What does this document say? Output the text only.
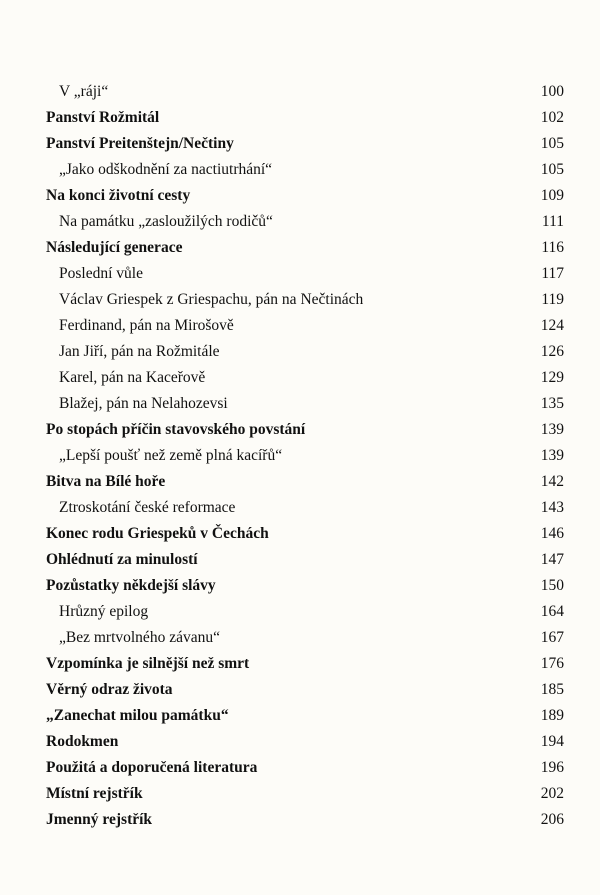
V „ráji“	100
Panství Rožmitál	102
Panství Preitenštejn/Nečtiny	105
„Jako odškodnění za nactiutrhání“	105
Na konci životní cesty	109
Na památku „zasloužilých rodičů“	111
Následující generace	116
Poslední vůle	117
Václav Griespek z Griespachu, pán na Nečtinách	119
Ferdinand, pán na Mirošově	124
Jan Jiří, pán na Rožmitále	126
Karel, pán na Kaceřově	129
Blažej, pán na Nelahozevsi	135
Po stopách příčin stavovského povstání	139
„Lepší poušť než země plná kacířů“	139
Bitva na Bílé hoře	142
Ztroskotání české reformace	143
Konec rodu Griespeků v Čechách	146
Ohlédnutí za minulostí	147
Pozůstatky někdejší slávy	150
Hrůzný epilog	164
„Bez mrtvolného závanu“	167
Vzpomínka je silnější než smrt	176
Věrný odraz života	185
„Zanechat milou památku“	189
Rodokmen	194
Použitá a doporučená literatura	196
Místní rejstřík	202
Jmenný rejstřík	206
